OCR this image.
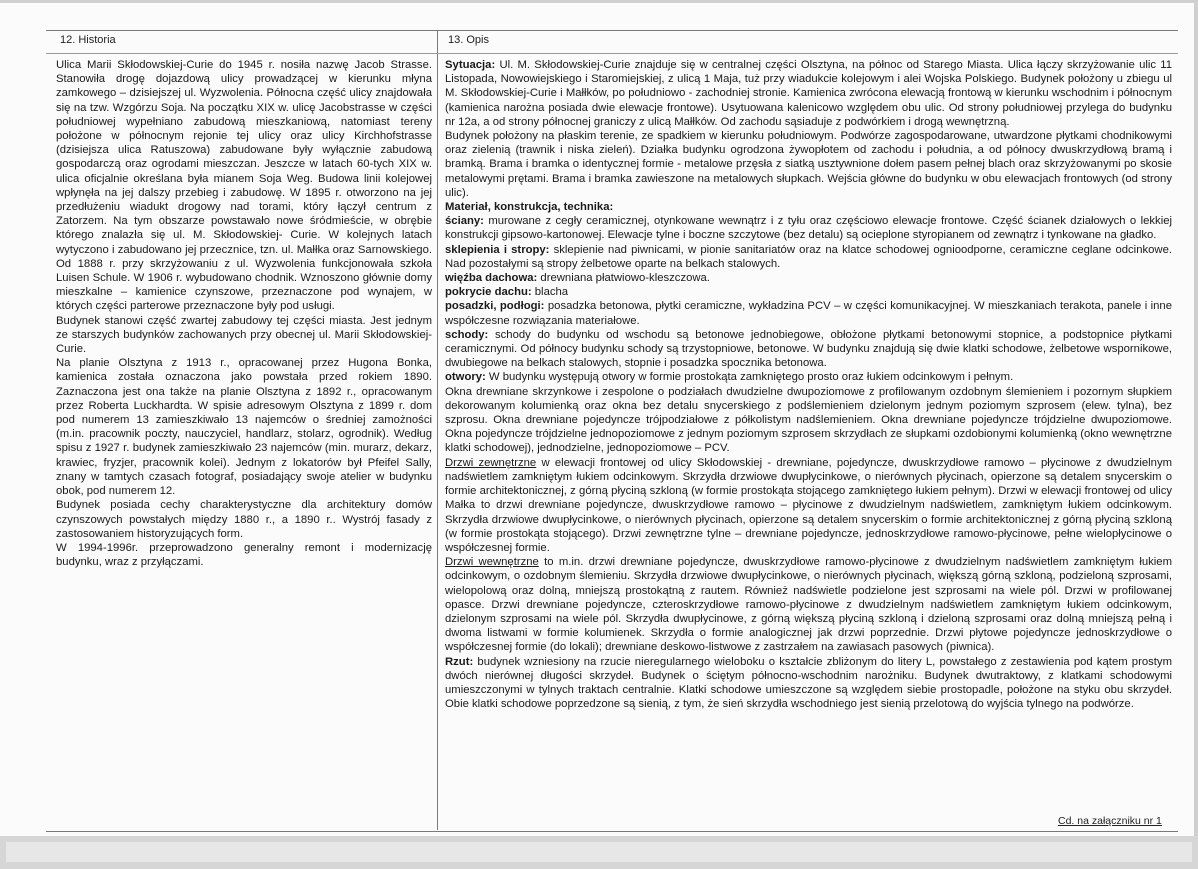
12. Historia	13. Opis

Ulica Marii Skłodowskiej-Curie do 1945 r. nosiła nazwę Jacob Strasse. Stanowiła drogę dojazdową ulicy prowadzącej w kierunku młyna zamkowego – dzisiejszej ul. Wyzwolenia. Północna część ulicy znajdowała się na tzw. Wzgórzu Soja. Na początku XIX w. ulicę Jacobstrasse w części południowej wypełniano zabudową mieszkaniową, natomiast tereny położone w północnym rejonie tej ulicy oraz ulicy Kirchhofstrasse (dzisiejsza ulica Ratuszowa) zabudowane były wyłącznie zabudową gospodarczą oraz ogrodami mieszczan. Jeszcze w latach 60-tych XIX w. ulica oficjalnie określana była mianem Soja Weg. Budowa linii kolejowej wpłynęła na jej dalszy przebieg i zabudowę. W 1895 r. otworzono na jej przedłużeniu wiadukt drogowy nad torami, który łączył centrum z Zatorzem. Na tym obszarze powstawało nowe śródmieście, w obrębie którego znalazła się ul. M. Skłodowskiej- Curie. W kolejnych latach wytyczono i zabudowano jej przecznice, tzn. ul. Małłka oraz Sarnowskiego. Od 1888 r. przy skrzyżowaniu z ul. Wyzwolenia funkcjonowała szkoła Luisen Schule. W 1906 r. wybudowano chodnik. Wznoszono głównie domy mieszkalne – kamienice czynszowe, przeznaczone pod wynajem, w których części parterowe przeznaczone były pod usługi.

Budynek stanowi część zwartej zabudowy tej części miasta. Jest jednym ze starszych budynków zachowanych przy obecnej ul. Marii Skłodowskiej-Curie.

Na planie Olsztyna z 1913 r., opracowanej przez Hugona Bonka, kamienica została oznaczona jako powstała przed rokiem 1890. Zaznaczona jest ona także na planie Olsztyna z 1892 r., opracowanym przez Roberta Luckhardta. W spisie adresowym Olsztyna z 1899 r. dom pod numerem 13 zamieszkiwało 13 najemców o średniej zamożności (m.in. pracownik poczty, nauczyciel, handlarz, stolarz, ogrodnik). Według spisu z 1927 r. budynek zamieszkiwało 23 najemców (min. murarz, dekarz, krawiec, fryzjer, pracownik kolei). Jednym z lokatorów był Pfeifel Sally, znany w tamtych czasach fotograf, posiadający swoje atelier w budynku obok, pod numerem 12.

Budynek posiada cechy charakterystyczne dla architektury domów czynszowych powstałych między 1880 r., a 1890 r.. Wystrój fasady z zastosowaniem historyzujących form.

W 1994-1996r. przeprowadzono generalny remont i modernizację budynku, wraz z przyłączami.

Sytuacja: Ul. M. Skłodowskiej-Curie znajduje się w centralnej części Olsztyna, na północ od Starego Miasta. Ulica łączy skrzyżowanie ulic 11 Listopada, Nowowiejskiego i Staromiejskiej, z ulicą 1 Maja, tuż przy wiadukcie kolejowym i alei Wojska Polskiego. Budynek położony u zbiegu ul M. Skłodowskiej-Curie i Małłków, po południowo - zachodniej stronie. Kamienica zwrócona elewacją frontową w kierunku wschodnim i północnym (kamienica narożna posiada dwie elewacje frontowe). Usytuowana kalenicowo względem obu ulic. Od strony południowej przylega do budynku nr 12a, a od strony północnej graniczy z ulicą Małłków. Od zachodu sąsiaduje z podwórkiem i drogą wewnętrzną.

Budynek położony na płaskim terenie, ze spadkiem w kierunku południowym. Podwórze zagospodarowane, utwardzone płytkami chodnikowymi oraz zielenią (trawnik i niska zieleń). Działka budynku ogrodzona żywopłotem od zachodu i południa, a od północy dwuskrzydłową bramą i bramką. Brama i bramka o identycznej formie - metalowe przęsła z siatką usztywnione dołem pasem pełnej blach oraz skrzyżowanymi po skosie metalowymi prętami. Brama i bramka zawieszone na metalowych słupkach. Wejścia główne do budynku w obu elewacjach frontowych (od strony ulic).

Materiał, konstrukcja, technika:

ściany: murowane z cegły ceramicznej, otynkowane wewnątrz i z tyłu oraz częściowo elewacje frontowe. Część ścianek działowych o lekkiej konstrukcji gipsowo-kartonowej. Elewacje tylne i boczne szczytowe (bez detalu) są ocieplone styropianem od zewnątrz i tynkowane na gładko.

sklepienia i stropy: sklepienie nad piwnicami, w pionie sanitariatów oraz na klatce schodowej ognioodporne, ceramiczne ceglane odcinkowe. Nad pozostałymi są stropy żelbetowe oparte na belkach stalowych.

więźba dachowa: drewniana płatwiowo-kleszczowa.

pokrycie dachu: blacha

posadzki, podłogi: posadzka betonowa, płytki ceramiczne, wykładzina PCV – w części komunikacyjnej. W mieszkaniach terakota, panele i inne współczesne rozwiązania materiałowe.

schody: schody do budynku od wschodu są betonowe jednobiegowe, obłożone płytkami betonowymi stopnice, a podstopnice płytkami ceramicznymi. Od północy budynku schody są trzystopniowe, betonowe. W budynku znajdują się dwie klatki schodowe, żelbetowe wspornikowe, dwubiegowe na belkach stalowych, stopnie i posadzka spocznika betonowa.

otwory: W budynku występują otwory w formie prostokąta zamkniętego prosto oraz łukiem odcinkowym i pełnym.

Okna drewniane skrzynkowe i zespolone o podziałach dwudzielne dwupoziomowe z profilowanym ozdobnym ślemieniem i pozornym słupkiem dekorowanym kolumienką oraz okna bez detalu snycerskiego z podślemieniem dzielonym jednym poziomym szprosem (elew. tylna), bez szprosu. Okna drewniane pojedyncze trójpodziałowe z półkolistym nadślemieniem. Okna drewniane pojedyncze trójdzielne dwupoziomowe. Okna pojedyncze trójdzielne jednopoziomowe z jednym poziomym szprosem skrzydłach ze słupkami ozdobionymi kolumienką (okno wewnętrzne klatki schodowej), jednodzielne, jednopoziomowe – PCV.

Drzwi zewnętrzne w elewacji frontowej od ulicy Skłodowskiej - drewniane, pojedyncze, dwuskrzydłowe ramowo – płycinowe z dwudzielnym nadświetlem zamkniętym łukiem odcinkowym. Skrzydła drzwiowe dwupłycinkowe, o nierównych płycinach, opierzone są detalem snycerskim o formie architektonicznej, z górną płyciną szkloną (w formie prostokąta stojącego zamkniętego łukiem pełnym). Drzwi w elewacji frontowej od ulicy Małka to drzwi drewniane pojedyncze, dwuskrzydłowe ramowo – płycinowe z dwudzielnym nadświetlem, zamkniętym łukiem odcinkowym. Skrzydła drzwiowe dwupłycinkowe, o nierównych płycinach, opierzone są detalem snycerskim o formie architektonicznej z górną płyciną szkloną (w formie prostokąta stojącego). Drzwi zewnętrzne tylne – drewniane pojedyncze, jednoskrzydłowe ramowo-płycinowe, pełne wielopłycinowe o współczesnej formie.

Drzwi wewnętrzne to m.in. drzwi drewniane pojedyncze, dwuskrzydłowe ramowo-płycinowe z dwudzielnym nadświetlem zamkniętym łukiem odcinkowym, o ozdobnym ślemieniu. Skrzydła drzwiowe dwupłycinkowe, o nierównych płycinach, większą górną szkloną, podzieloną szprosami, wielopolową oraz dolną, mniejszą prostokątną z rautem. Również nadświetle podzielone jest szprosami na wiele pól. Drzwi w profilowanej opasce. Drzwi drewniane pojedyncze, czteroskrzydłowe ramowo-płycinowe z dwudzielnym nadświetlem zamkniętym łukiem odcinkowym, dzielonym szprosami na wiele pól. Skrzydła dwupłycinowe, z górną większą płyciną szkloną i dzieloną szprosami oraz dolną mniejszą pełną i dwoma listwami w formie kolumienek. Skrzydła o formie analogicznej jak drzwi poprzednie. Drzwi płytowe pojedyncze jednoskrzydłowe o współczesnej formie (do lokali); drewniane deskowo-listwowe z zastrzałem na zawiasach pasowych (piwnica).

Rzut: budynek wzniesiony na rzucie nieregularnego wieloboku o kształcie zbliżonym do litery L, powstałego z zestawienia pod kątem prostym dwóch nierównej długości skrzydeł. Budynek o ściętym północno-wschodnim narożniku. Budynek dwutraktowy, z klatkami schodowymi umieszczonymi w tylnych traktach centralnie. Klatki schodowe umieszczone są względem siebie prostopadle, położone na styku obu skrzydeł. Obie klatki schodowe poprzedzone są sienią, z tym, że sień skrzydła wschodniego jest sienią przelotową do wyjścia tylnego na podwórze.

Cd. na załączniku nr 1
